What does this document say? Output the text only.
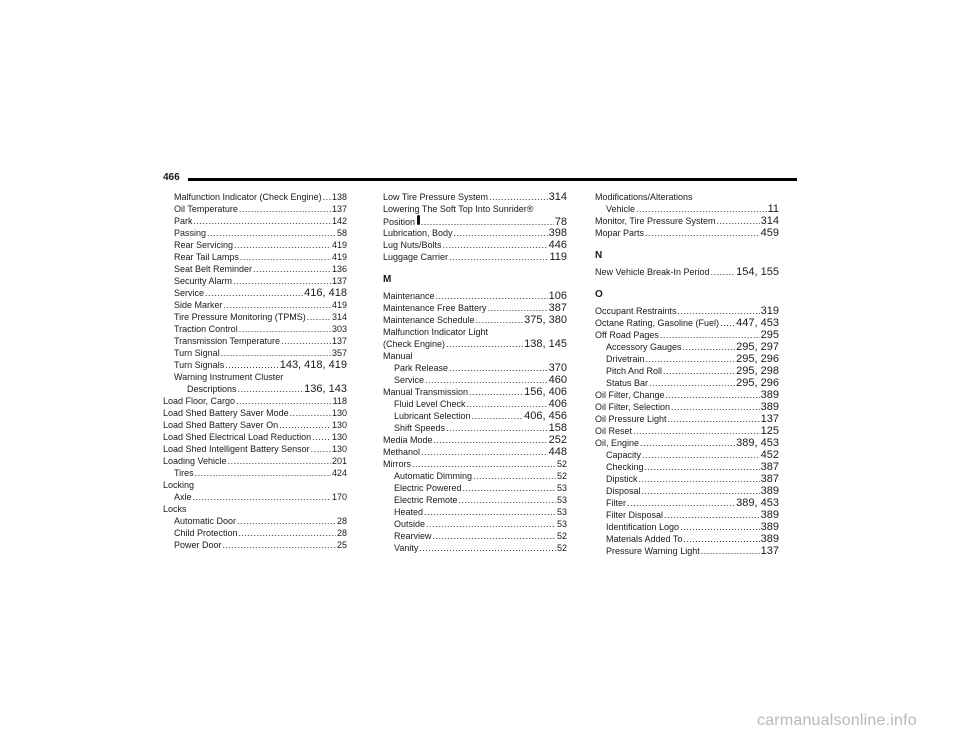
466
Malfunction Indicator (Check Engine) ..... 138
Oil Temperature .....	137
Park .....	142
Passing .....	58
Rear Servicing .....	419
Rear Tail Lamps .....	419
Seat Belt Reminder .....	136
Security Alarm .....	137
Service .....	416, 418
Side Marker .....	419
Tire Pressure Monitoring (TPMS) .....	314
Traction Control .....	303
Transmission Temperature .....	137
Turn Signal .....	357
Turn Signals .....	143, 418, 419
Warning Instrument Cluster
Descriptions .....	136, 143
Load Floor, Cargo .....	118
Load Shed Battery Saver Mode .....	130
Load Shed Battery Saver On .....	130
Load Shed Electrical Load Reduction ..... 130
Load Shed Intelligent Battery Sensor ..... 130
Loading Vehicle .....	201
Tires .....	424
Locking
Axle .....	170
Locks
Automatic Door .....	28
Child Protection .....	28
Power Door .....	25
Low Tire Pressure System .....	314
Lowering The Soft Top Into Sunrider®
Position .....	78
Lubrication, Body .....	398
Lug Nuts/Bolts .....	446
Luggage Carrier .....	119
M
Maintenance .....	106
Maintenance Free Battery .....	387
Maintenance Schedule .....	375, 380
Malfunction Indicator Light
(Check Engine) .....	138, 145
Manual
Park Release .....	370
Service .....	460
Manual Transmission .....	156, 406
Fluid Level Check .....	406
Lubricant Selection .....	406, 456
Shift Speeds .....	158
Media Mode .....	252
Methanol .....	448
Mirrors .....	52
Automatic Dimming .....	52
Electric Powered .....	53
Electric Remote .....	53
Heated .....	53
Outside .....	53
Rearview .....	52
Vanity .....	52
Modifications/Alterations
Vehicle .....	11
Monitor, Tire Pressure System .....	314
Mopar Parts .....	459
N
New Vehicle Break-In Period ..... 154, 155
O
Occupant Restraints .....	319
Octane Rating, Gasoline (Fuel) ..... 447, 453
Off Road Pages .....	295
Accessory Gauges .....	295, 297
Drivetrain .....	295, 296
Pitch And Roll .....	295, 298
Status Bar .....	295, 296
Oil Filter, Change .....	389
Oil Filter, Selection .....	389
Oil Pressure Light .....	137
Oil Reset .....	125
Oil, Engine .....	389, 453
Capacity .....	452
Checking .....	387
Dipstick .....	387
Disposal .....	389
Filter .....	389, 453
Filter Disposal .....	389
Identification Logo .....	389
Materials Added To .....	389
Pressure Warning Light .....	137
carmanualsonline.info
